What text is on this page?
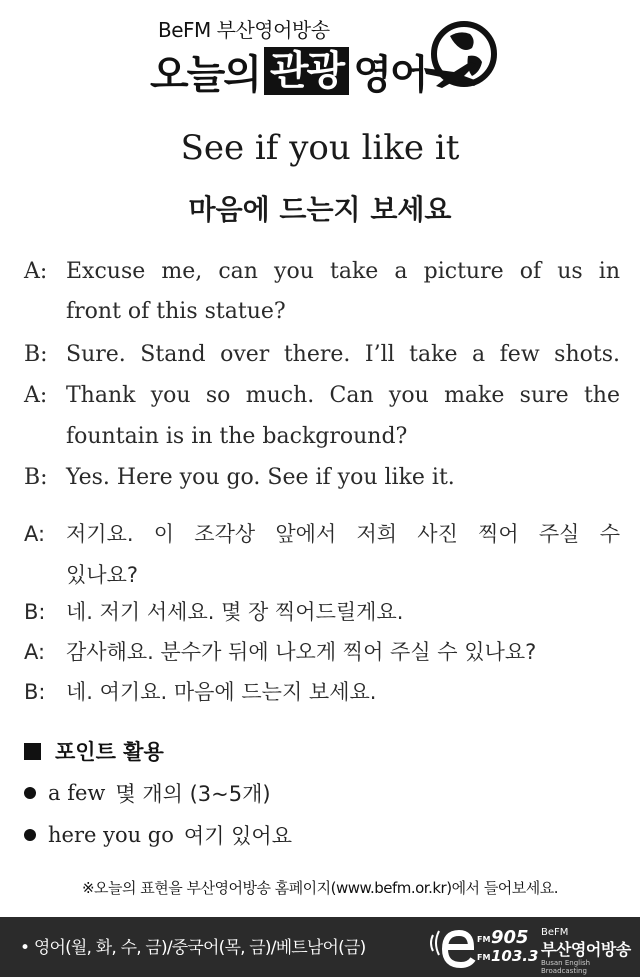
BeFM 부산영어방송
오늘의 관광 영어
See if you like it
마음에 드는지 보세요
A: Excuse me, can you take a picture of us in
front of this statue?
B: Sure. Stand over there. I’ll take a few shots.
A: Thank you so much. Can you make sure the
fountain is in the background?
B: Yes. Here you go. See if you like it.
A: 저기요. 이 조각상 앞에서 저희 사진 찍어 주실 수
있나요?
B: 네. 저기 서세요. 몇 장 찍어드릴게요.
A: 감사해요. 분수가 뒤에 나오게 찍어 주실 수 있나요?
B: 네. 여기요. 마음에 드는지 보세요.
포인트 활용
a few 몇 개의 (3~5개)
here you go 여기 있어요
※오늘의 표현을 부산영어방송 홈페이지(www.befm.or.kr)에서 들어보세요.
• 영어(월, 화, 수, 금)/중국어(목, 금)/베트남어(금)	FM
FM
905
103.3
BeFM
부산영어방송
Busan English Broadcasting
